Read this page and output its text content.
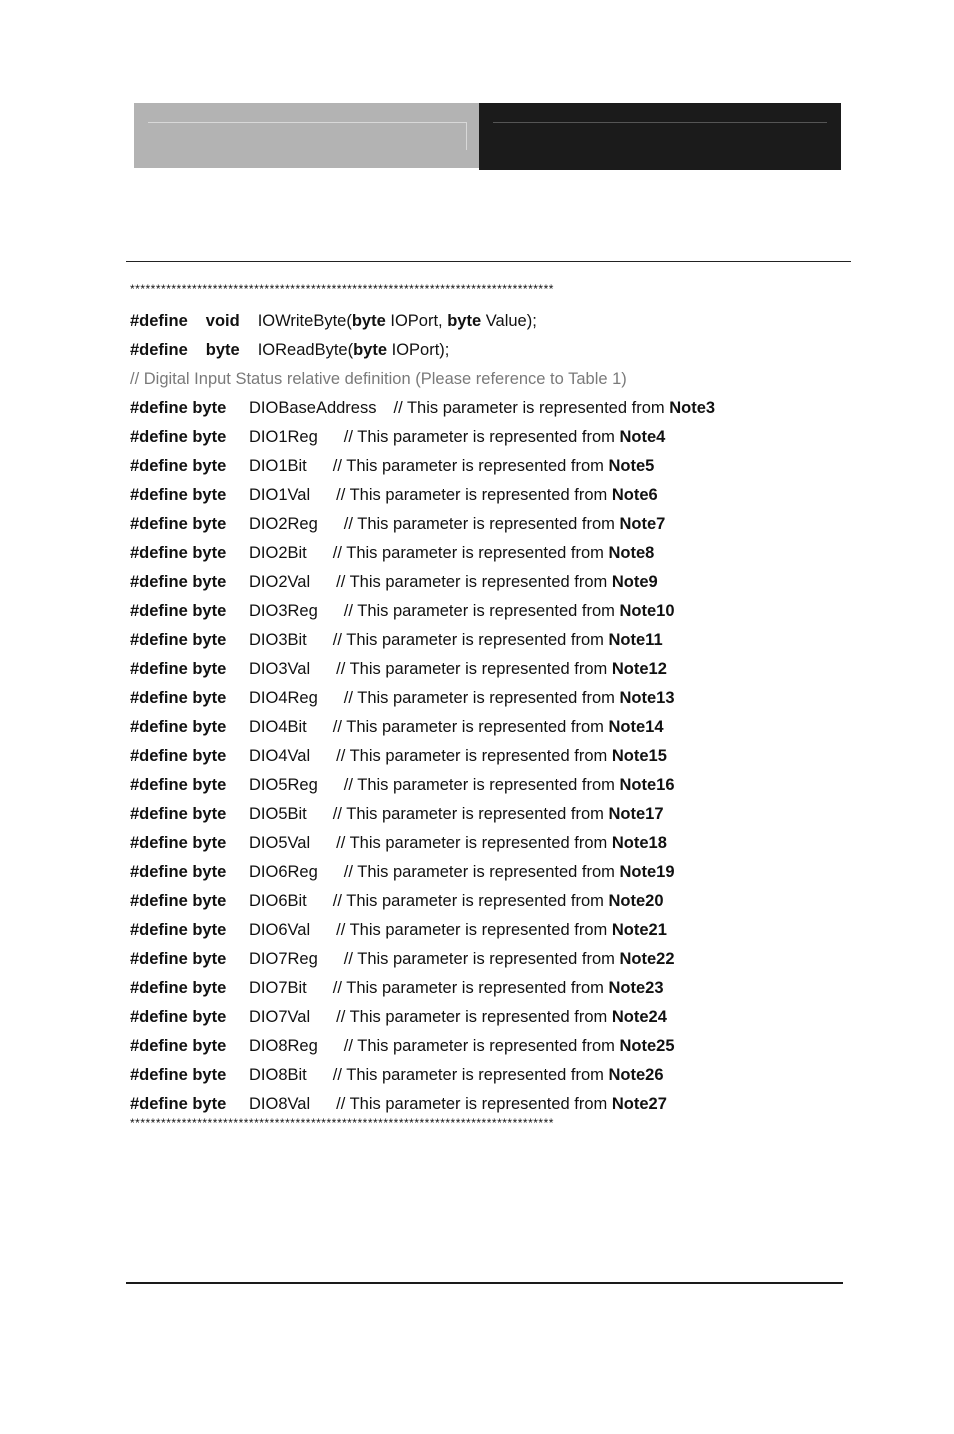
**********************************************************************************
#define void IOWriteByte(byte IOPort, byte Value);
#define byte IOReadByte(byte IOPort);
// Digital Input Status relative definition (Please reference to Table 1)
#define byte DIOBaseAddress // This parameter is represented from Note3
#define byte DIO1Reg // This parameter is represented from Note4
#define byte DIO1Bit // This parameter is represented from Note5
#define byte DIO1Val // This parameter is represented from Note6
#define byte DIO2Reg // This parameter is represented from Note7
#define byte DIO2Bit // This parameter is represented from Note8
#define byte DIO2Val // This parameter is represented from Note9
#define byte DIO3Reg // This parameter is represented from Note10
#define byte DIO3Bit // This parameter is represented from Note11
#define byte DIO3Val // This parameter is represented from Note12
#define byte DIO4Reg // This parameter is represented from Note13
#define byte DIO4Bit // This parameter is represented from Note14
#define byte DIO4Val // This parameter is represented from Note15
#define byte DIO5Reg // This parameter is represented from Note16
#define byte DIO5Bit // This parameter is represented from Note17
#define byte DIO5Val // This parameter is represented from Note18
#define byte DIO6Reg // This parameter is represented from Note19
#define byte DIO6Bit // This parameter is represented from Note20
#define byte DIO6Val // This parameter is represented from Note21
#define byte DIO7Reg // This parameter is represented from Note22
#define byte DIO7Bit // This parameter is represented from Note23
#define byte DIO7Val // This parameter is represented from Note24
#define byte DIO8Reg // This parameter is represented from Note25
#define byte DIO8Bit // This parameter is represented from Note26
#define byte DIO8Val // This parameter is represented from Note27
**********************************************************************************
